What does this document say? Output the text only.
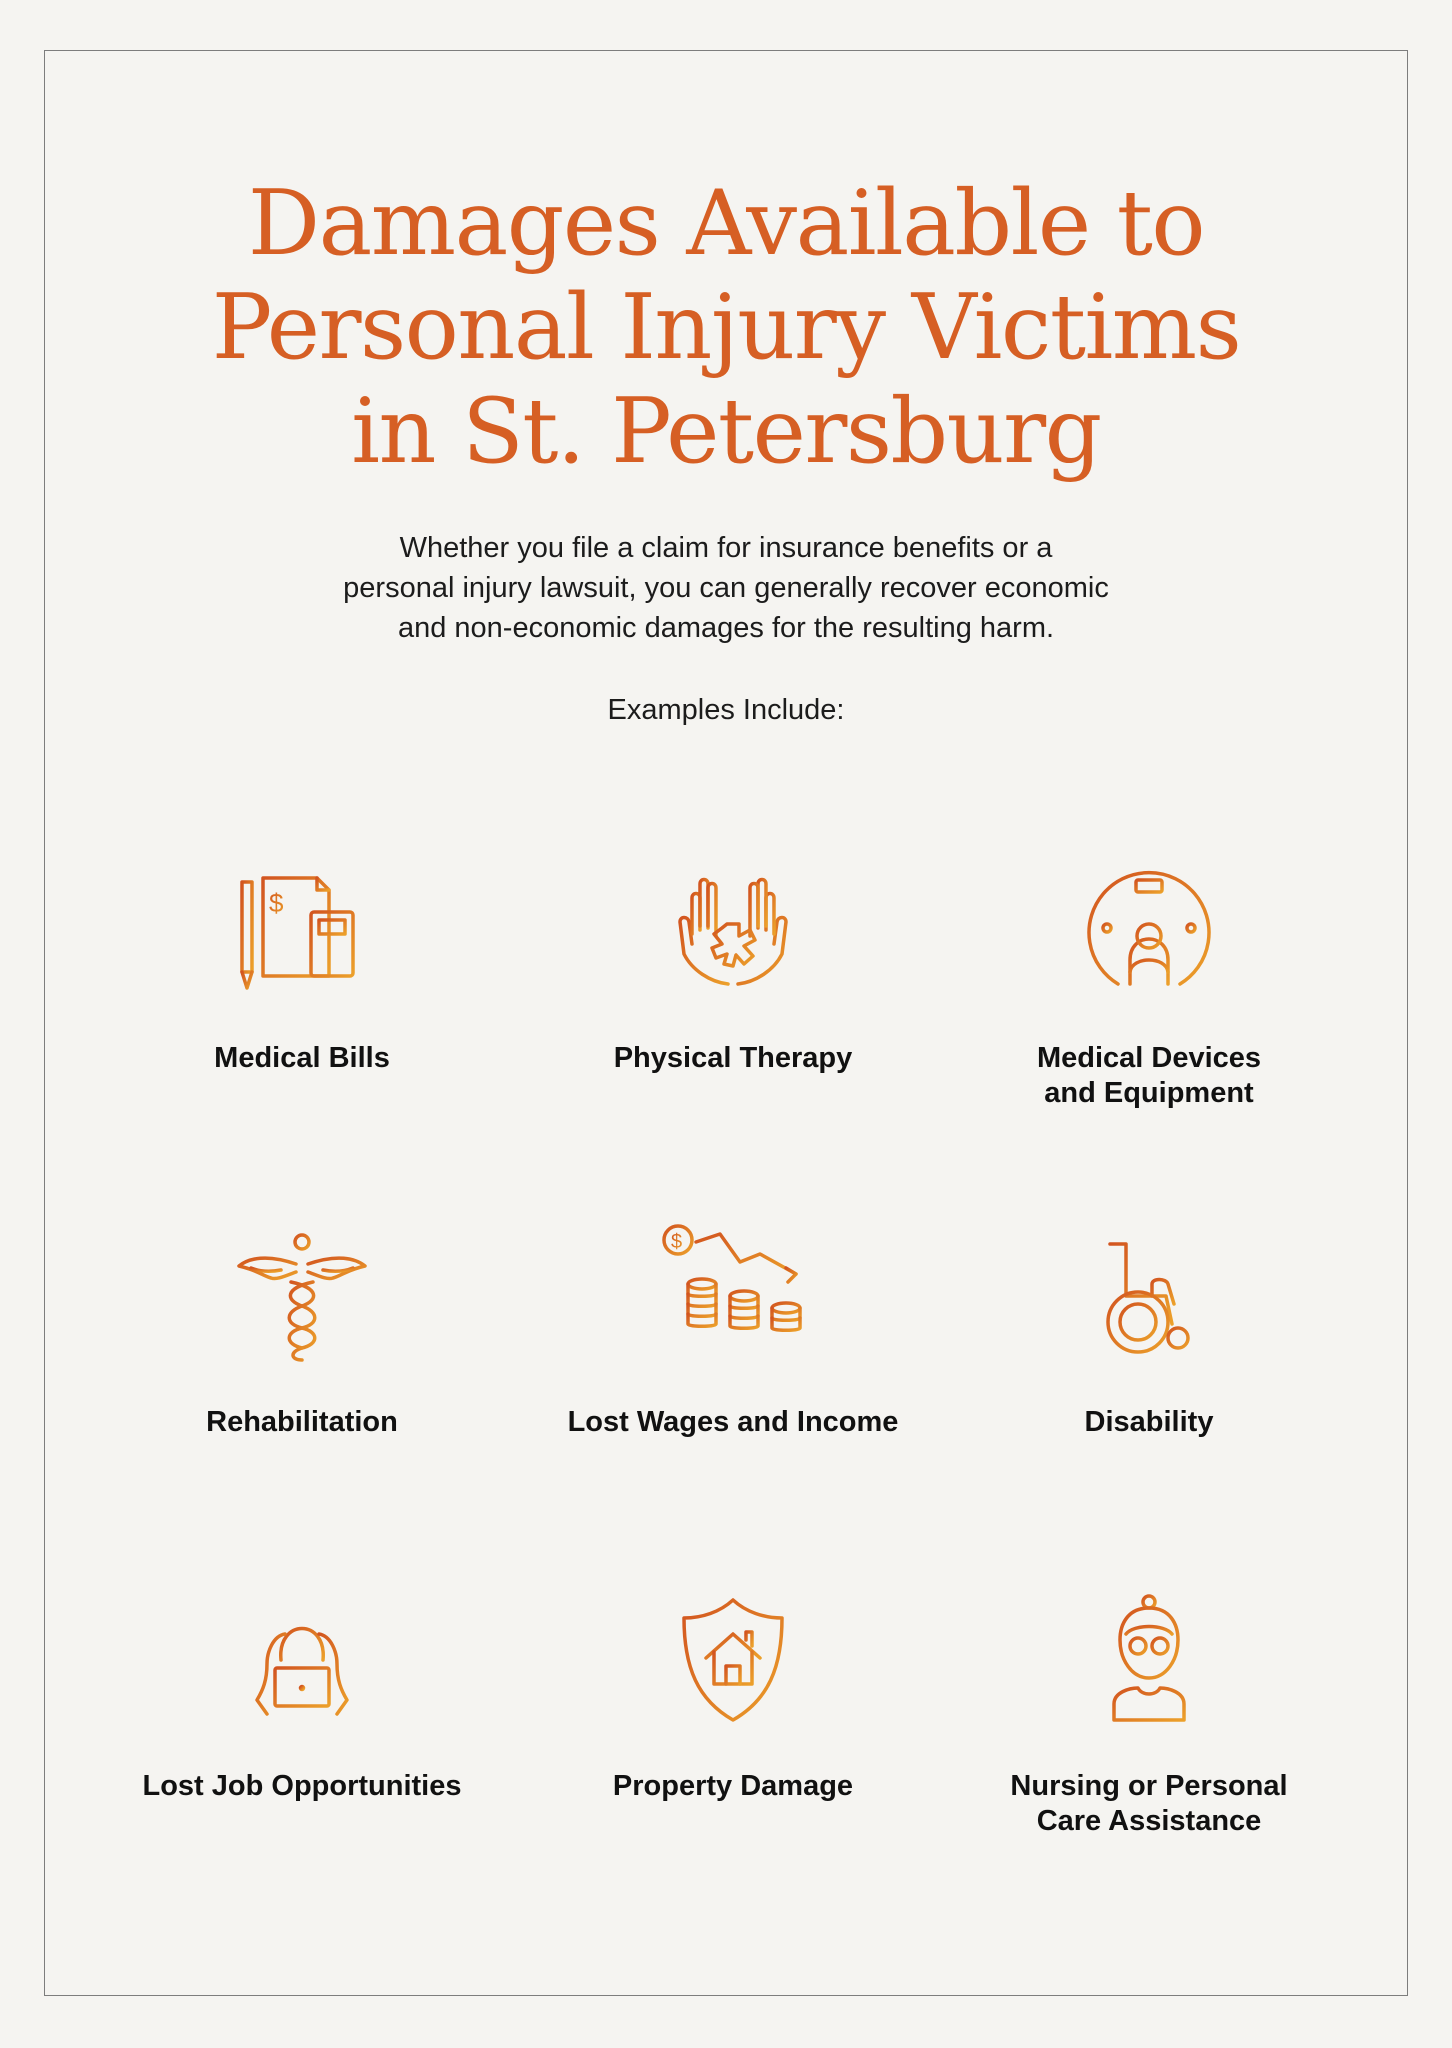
Damages Available to
Personal Injury Victims
in St. Petersburg
Whether you file a claim for insurance benefits or a
personal injury lawsuit, you can generally recover economic
and non-economic damages for the resulting harm.
Examples Include:
$
Medical Bills	Physical Therapy	Medical Devices
and Equipment
Rehabilitation
$
Lost Wages and Income	Disability
Lost Job Opportunities	Property Damage	Nursing or Personal
Care Assistance
